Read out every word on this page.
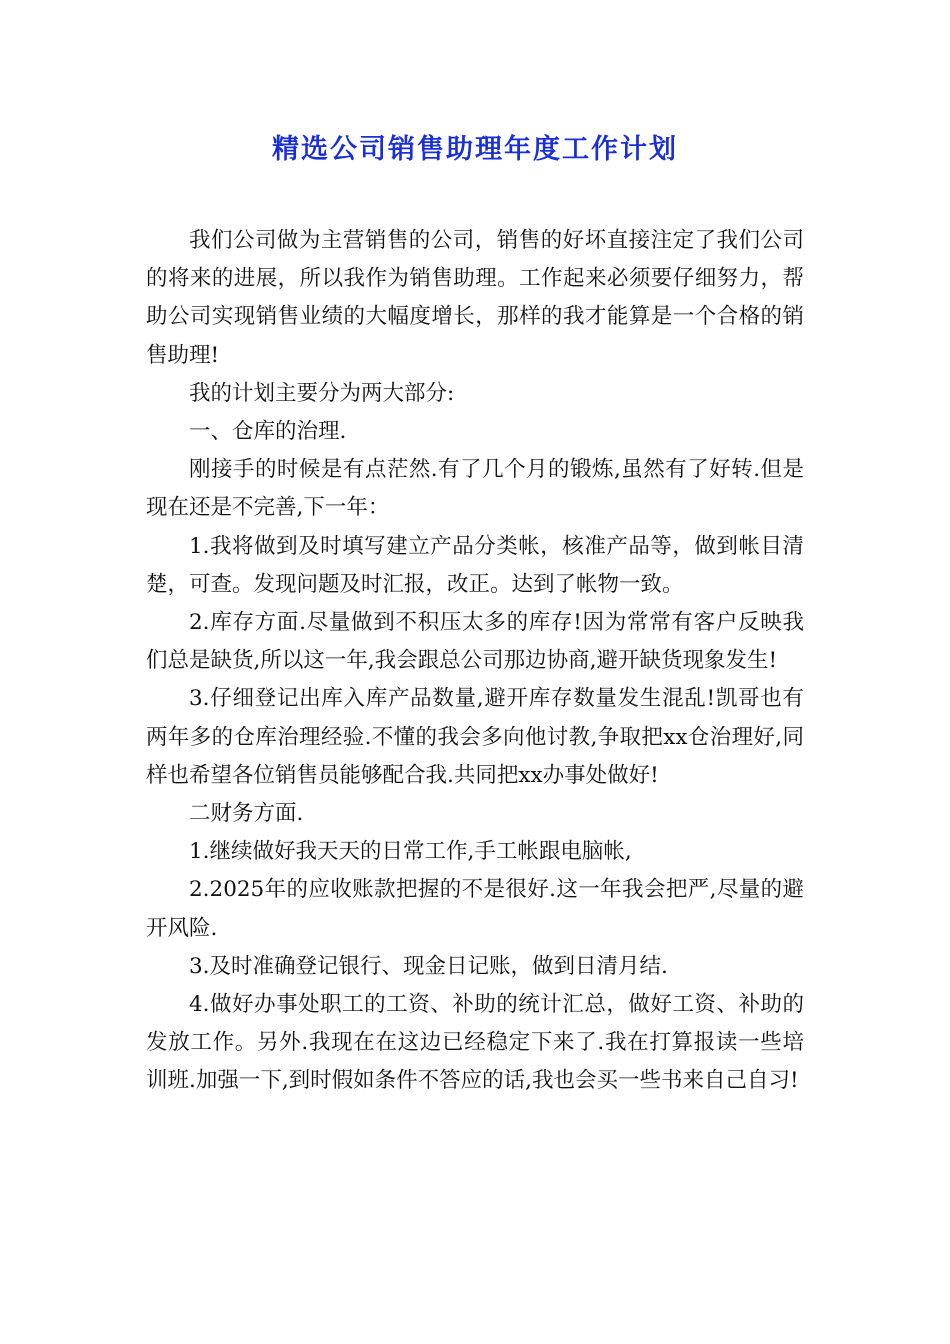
精选公司销售助理年度工作计划

我们公司做为主营销售的公司，销售的好坏直接注定了我们公司的将来的进展，所以我作为销售助理。工作起来必须要仔细努力，帮助公司实现销售业绩的大幅度增长，那样的我才能算是一个合格的销售助理!

我的计划主要分为两大部分:

一、仓库的治理.

刚接手的时候是有点茫然.有了几个月的锻炼,虽然有了好转.但是现在还是不完善,下一年：

1.我将做到及时填写建立产品分类帐，核准产品等，做到帐目清楚，可查。发现问题及时汇报，改正。达到了帐物一致。

2.库存方面.尽量做到不积压太多的库存!因为常常有客户反映我们总是缺货,所以这一年,我会跟总公司那边协商,避开缺货现象发生!

3.仔细登记出库入库产品数量,避开库存数量发生混乱!凯哥也有两年多的仓库治理经验.不懂的我会多向他讨教,争取把xx仓治理好,同样也希望各位销售员能够配合我.共同把xx办事处做好!

二财务方面.

1.继续做好我天天的日常工作,手工帐跟电脑帐,

2.2025年的应收账款把握的不是很好.这一年我会把严,尽量的避开风险.

3.及时准确登记银行、现金日记账，做到日清月结.

4.做好办事处职工的工资、补助的统计汇总，做好工资、补助的发放工作。另外.我现在在这边已经稳定下来了.我在打算报读一些培训班.加强一下,到时假如条件不答应的话,我也会买一些书来自己自习!
